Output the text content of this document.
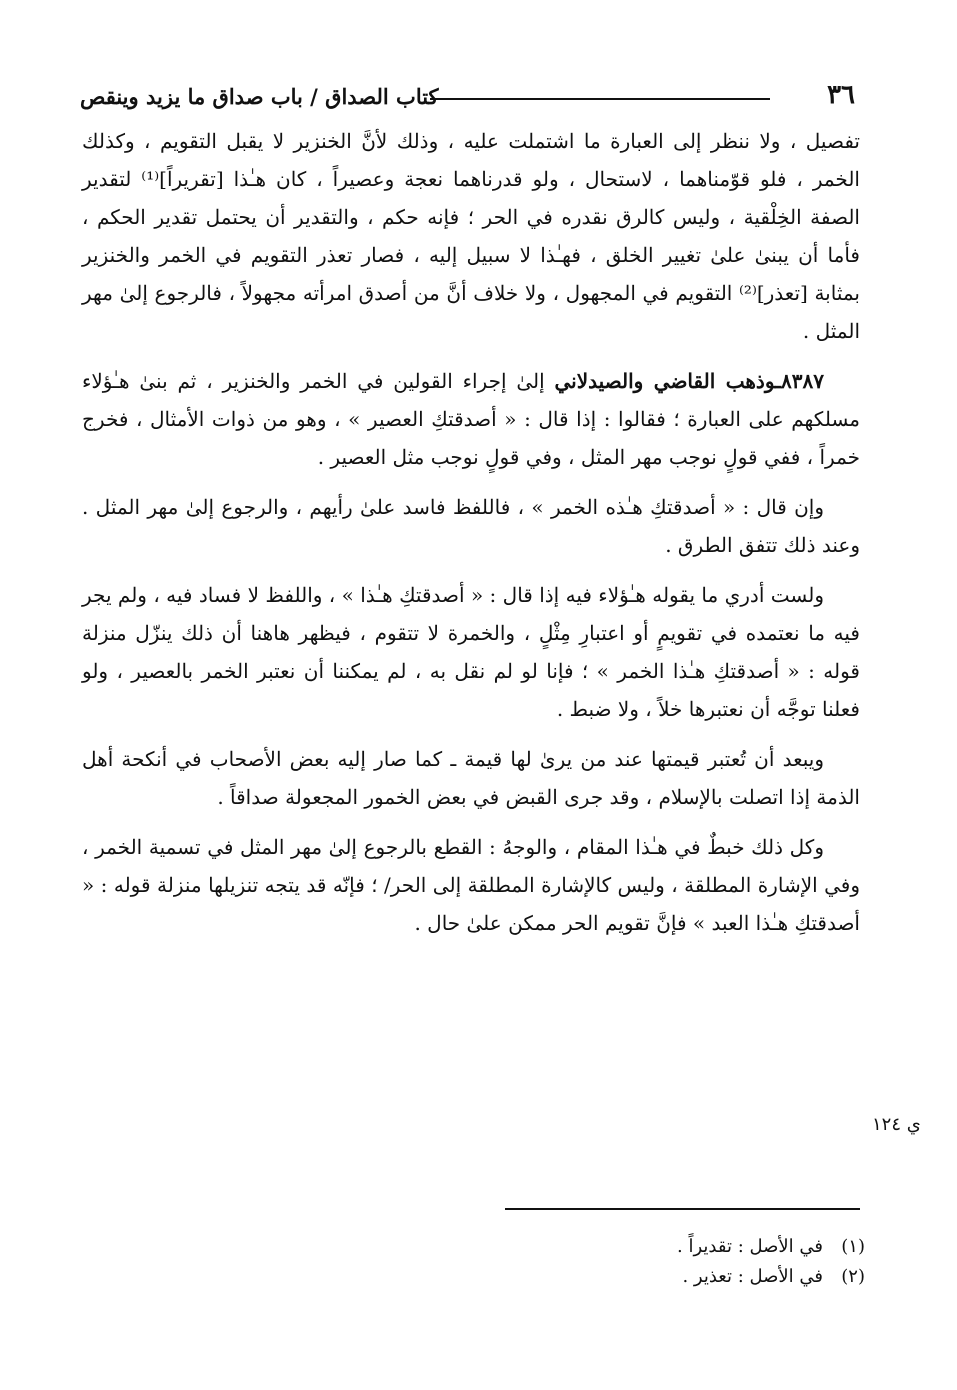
٣٦
كتاب الصداق / باب صداق ما يزيد وينقص

تفصيل ، ولا ننظر إلى العبارة ما اشتملت عليه ، وذلك لأنَّ الخنزير لا يقبل التقويم ، وكذلك الخمر ، فلو قوّمناهما ، لاستحال ، ولو قدرناهما نعجة وعصيراً ، كان هـٰذا [تقريراً]⁽¹⁾ لتقدير الصفة الخِلْقية ، وليس كالرق نقدره في الحر ؛ فإنه حكم ، والتقدير أن يحتمل تقدير الحكم ، فأما أن يبنىٰ علىٰ تغيير الخلق ، فهـٰذا لا سبيل إليه ، فصار تعذر التقويم في الخمر والخنزير بمثابة [تعذر]⁽²⁾ التقويم في المجهول ، ولا خلاف أنَّ من أصدق امرأته مجهولاً ، فالرجوع إلىٰ مهر المثل .

٨٣٨٧ـوذهب القاضي والصيدلاني إلىٰ إجراء القولين في الخمر والخنزير ، ثم بنىٰ هـٰؤلاء مسلكهم على العبارة ؛ فقالوا : إذا قال : « أصدقتكِ العصير » ، وهو من ذوات الأمثال ، فخرج خمراً ، ففي قولٍ نوجب مهر المثل ، وفي قولٍ نوجب مثل العصير .

وإن قال : « أصدقتكِ هـٰذه الخمر » ، فاللفظ فاسد علىٰ رأيهم ، والرجوع إلىٰ مهر المثل . وعند ذلك تتفق الطرق .

ولست أدري ما يقوله هـٰؤلاء فيه إذا قال : « أصدقتكِ هـٰذا » ، واللفظ لا فساد فيه ، ولم يجر فيه ما نعتمده في تقويمٍ أو اعتبارِ مِثْلٍ ، والخمرة لا تتقوم ، فيظهر هاهنا أن ذلك ينزّل منزلة قوله : « أصدقتكِ هـٰذا الخمر » ؛ فإنا لو لم نقل به ، لم يمكننا أن نعتبر الخمر بالعصير ، ولو فعلنا توجَّه أن نعتبرها خلاً ، ولا ضبط .

ويبعد أن تُعتبر قيمتها عند من يرىٰ لها قيمة ـ كما صار إليه بعض الأصحاب في أنكحة أهل الذمة إذا اتصلت بالإسلام ، وقد جرى القبض في بعض الخمور المجعولة صداقاً .

وكل ذلك خبطٌ في هـٰذا المقام ، والوجهُ : القطع بالرجوع إلىٰ مهر المثل في تسمية الخمر ، وفي الإشارة المطلقة ، وليس كالإشارة المطلقة إلى الحر/ ؛ فإنّه قد يتجه تنزيلها منزلة قوله : « أصدقتكِ هـٰذا العبد » فإنَّ تقويم الحر ممكن علىٰ حال .

ي ١٢٤

(١)في الأصل : تقديراً .

(٢)في الأصل : تعذير .
